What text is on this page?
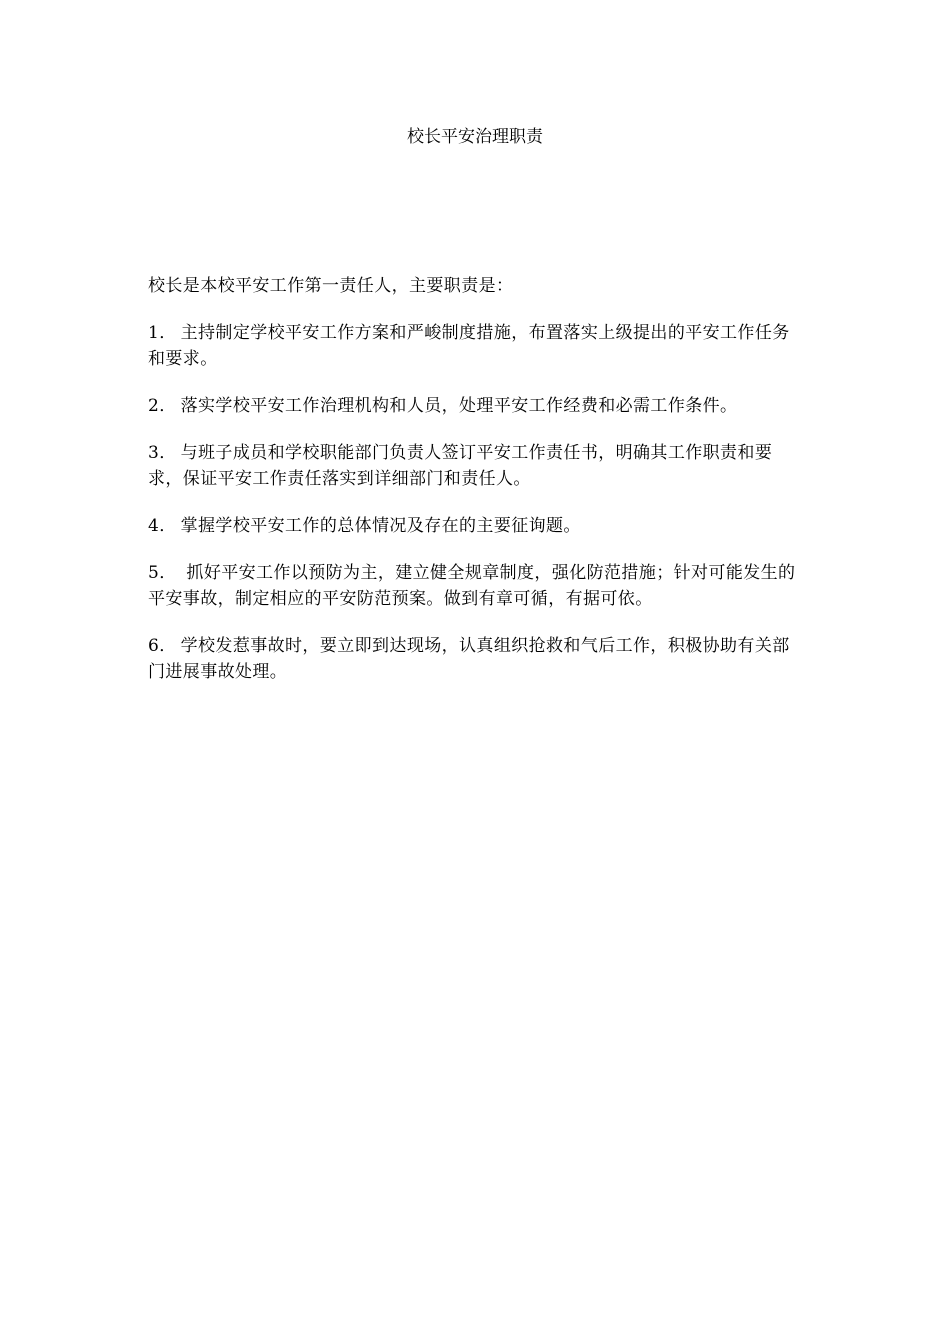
校长平安治理职责

校长是本校平安工作第一责任人，主要职责是：

1． 主持制定学校平安工作方案和严峻制度措施，布置落实上级提出的平安工作任务和要求。

2． 落实学校平安工作治理机构和人员，处理平安工作经费和必需工作条件。

3． 与班子成员和学校职能部门负责人签订平安工作责任书，明确其工作职责和要求，保证平安工作责任落实到详细部门和责任人。

4． 掌握学校平安工作的总体情况及存在的主要征询题。

5． 抓好平安工作以预防为主，建立健全规章制度，强化防范措施；针对可能发生的平安事故，制定相应的平安防范预案。做到有章可循，有据可依。

6． 学校发惹事故时，要立即到达现场，认真组织抢救和气后工作，积极协助有关部门进展事故处理。
